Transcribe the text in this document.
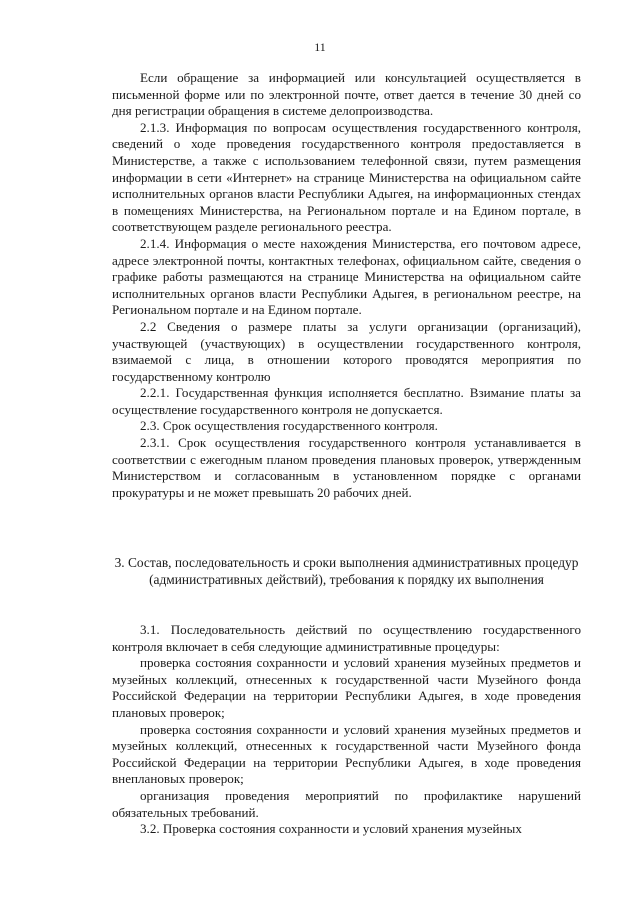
11

Если обращение за информацией или консультацией осуществляется в письменной форме или по электронной почте, ответ дается в течение 30 дней со дня регистрации обращения в системе делопроизводства.

2.1.3. Информация по вопросам осуществления государственного контроля, сведений о ходе проведения государственного контроля предоставляется в Министерстве, а также с использованием телефонной связи, путем размещения информации в сети «Интернет» на странице Министерства на официальном сайте исполнительных органов власти Республики Адыгея, на информационных стендах в помещениях Министерства, на Региональном портале и на Едином портале, в соответствующем разделе регионального реестра.

2.1.4. Информация о месте нахождения Министерства, его почтовом адресе, адресе электронной почты, контактных телефонах, официальном сайте, сведения о графике работы размещаются на странице Министерства на официальном сайте исполнительных органов власти Республики Адыгея, в региональном реестре, на Региональном портале и на Едином портале.

2.2 Сведения о размере платы за услуги организации (организаций), участвующей (участвующих) в осуществлении государственного контроля, взимаемой с лица, в отношении которого проводятся мероприятия по государственному контролю

2.2.1. Государственная функция исполняется бесплатно. Взимание платы за осуществление государственного контроля не допускается.

2.3. Срок осуществления государственного контроля.

2.3.1. Срок осуществления государственного контроля устанавливается в соответствии с ежегодным планом проведения плановых проверок, утвержденным Министерством и согласованным в установленном порядке с органами прокуратуры и не может превышать 20 рабочих дней.

3. Состав, последовательность и сроки выполнения административных процедур (административных действий), требования к порядку их выполнения

3.1. Последовательность действий по осуществлению государственного контроля включает в себя следующие административные процедуры:

проверка состояния сохранности и условий хранения музейных предметов и музейных коллекций, отнесенных к государственной части Музейного фонда Российской Федерации на территории Республики Адыгея, в ходе проведения плановых проверок;

проверка состояния сохранности и условий хранения музейных предметов и музейных коллекций, отнесенных к государственной части Музейного фонда Российской Федерации на территории Республики Адыгея, в ходе проведения внеплановых проверок;

организация проведения мероприятий по профилактике нарушений обязательных требований.

3.2. Проверка состояния сохранности и условий хранения музейных
